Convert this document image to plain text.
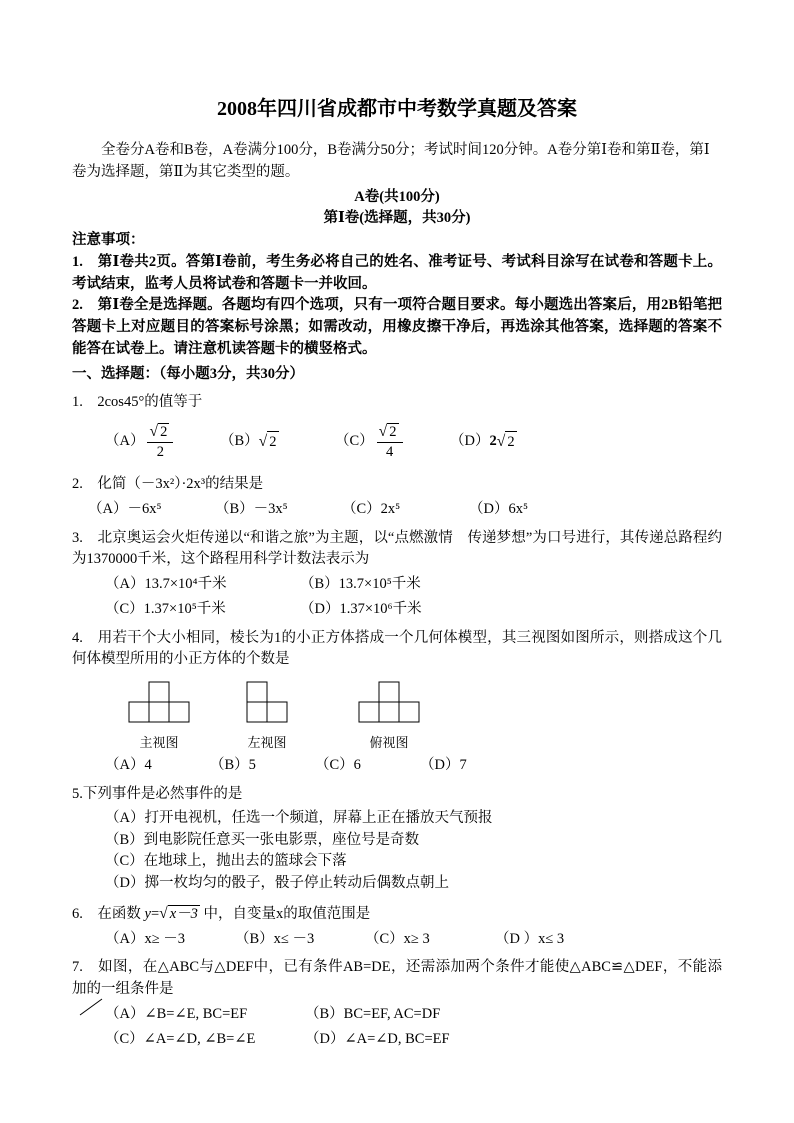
2008年四川省成都市中考数学真题及答案

全卷分A卷和B卷，A卷满分100分，B卷满分50分；考试时间120分钟。A卷分第Ⅰ卷和第Ⅱ卷，第Ⅰ卷为选择题，第Ⅱ为其它类型的题。

A卷(共100分)

第Ⅰ卷(选择题，共30分)

注意事项：

1.　第Ⅰ卷共2页。答第Ⅰ卷前，考生务必将自己的姓名、准考证号、考试科目涂写在试卷和答题卡上。考试结束，监考人员将试卷和答题卡一并收回。

2.　第Ⅰ卷全是选择题。各题均有四个选项，只有一项符合题目要求。每小题选出答案后，用2B铅笔把答题卡上对应题目的答案标号涂黑；如需改动，用橡皮擦干净后，再选涂其他答案，选择题的答案不能答在试卷上。请注意机读答题卡的横竖格式。

一、选择题：（每小题3分，共30分）

1.　2cos45°的值等于

$(A) \frac{√ 2}{2}$	（B） √ 2	$(C) \frac{√ 2}{4}$	（D） 2 √ 2

2.　化简（－3x²）·2x³的结果是

（A）－6x⁵	（B）－3x⁵	（C）2x⁵	（D）6x⁵

3.　北京奥运会火炬传递以“和谐之旅”为主题，以“点燃激情　传递梦想”为口号进行，其传递总路程约为1370000千米，这个路程用科学计数法表示为

（A）13.7×10⁴千米	（B）13.7×10⁵千米
（C）1.37×10⁵千米	（D）1.37×10⁶千米

4.　用若干个大小相同，棱长为1的小正方体搭成一个几何体模型，其三视图如图所示，则搭成这个几何体模型所用的小正方体的个数是

主视图	左视图	俯视图
（A）4	（B）5	（C）6	（D）7

5.下列事件是必然事件的是

（A）打开电视机，任选一个频道，屏幕上正在播放天气预报
（B）到电影院任意买一张电影票，座位号是奇数
（C）在地球上，抛出去的篮球会下落
（D）掷一枚均匀的骰子，骰子停止转动后偶数点朝上

6.　在函数 y=√ x－3 中，自变量x的取值范围是

（A）x≥ －3	（B）x≤ －3	（C）x≥ 3	（D ）x≤ 3

7.　如图，在△ABC与△DEF中，已有条件AB=DE，还需添加两个条件才能使△ABC≌△DEF，不能添加的一组条件是

（A）∠B=∠E, BC=EF	（B）BC=EF, AC=DF
（C）∠A=∠D, ∠B=∠E	（D）∠A=∠D, BC=EF
